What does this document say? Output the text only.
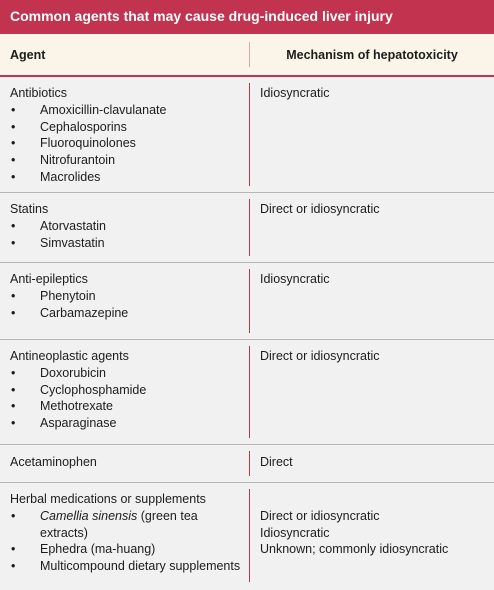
Common agents that may cause drug-induced liver injury
Agent	Mechanism of hepatotoxicity
Antibiotics
• Amoxicillin-clavulanate
• Cephalosporins
• Fluoroquinolones
• Nitrofurantoin
• Macrolides
Idiosyncratic
Statins
• Atorvastatin
• Simvastatin
Direct or idiosyncratic
Anti-epileptics
• Phenytoin
• Carbamazepine
Idiosyncratic
Antineoplastic agents
• Doxorubicin
• Cyclophosphamide
• Methotrexate
• Asparaginase
Direct or idiosyncratic
Acetaminophen	Direct
Herbal medications or supplements
• Camellia sinensis (green tea extracts)
• Ephedra (ma-huang)
• Multicompound dietary supplements
Direct or idiosyncratic
Idiosyncratic
Unknown; commonly idiosyncratic
